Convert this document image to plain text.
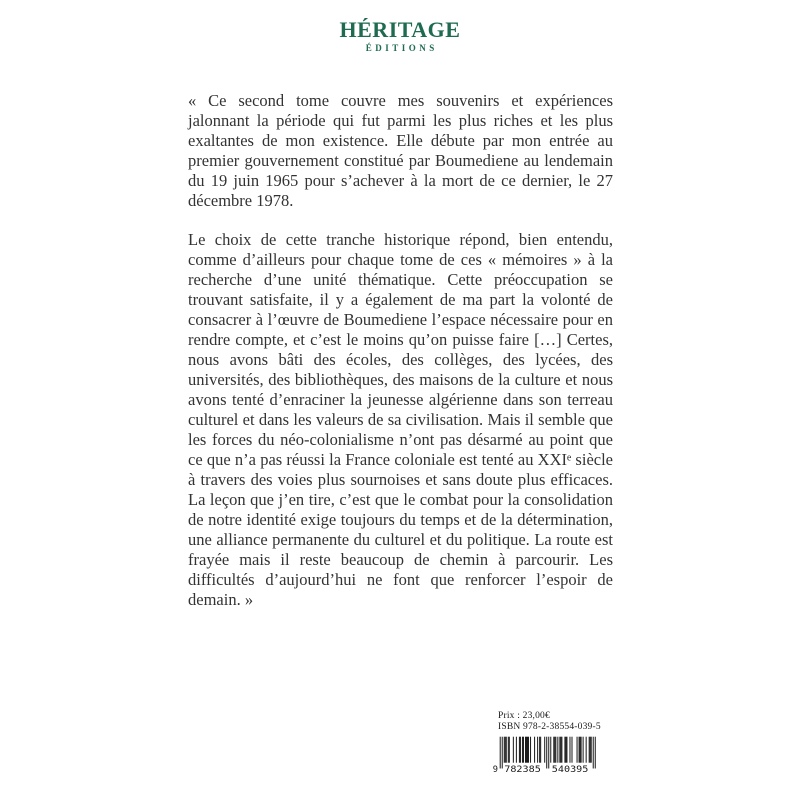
HÉRITAGE
ÉDITIONS

« Ce second tome couvre mes souvenirs et expériences jalonnant la période qui fut parmi les plus riches et les plus exaltantes de mon existence. Elle débute par mon entrée au premier gouvernement constitué par Boumediene au lendemain du 19 juin 1965 pour s’achever à la mort de ce dernier, le 27 décembre 1978.

Le choix de cette tranche historique répond, bien entendu, comme d’ailleurs pour chaque tome de ces « mémoires » à la recherche d’une unité thématique. Cette préoccupation se trouvant satisfaite, il y a également de ma part la volonté de consacrer à l’œuvre de Boumediene l’espace nécessaire pour en rendre compte, et c’est le moins qu’on puisse faire […] Certes, nous avons bâti des écoles, des collèges, des lycées, des universités, des bibliothèques, des maisons de la culture et nous avons tenté d’enraciner la jeunesse algérienne dans son terreau culturel et dans les valeurs de sa civilisation. Mais il semble que les forces du néo-colonialisme n’ont pas désarmé au point que ce que n’a pas réussi la France coloniale est tenté au XXIᵉ siècle à travers des voies plus sournoises et sans doute plus efficaces. La leçon que j’en tire, c’est que le combat pour la consolidation de notre identité exige toujours du temps et de la détermination, une alliance permanente du culturel et du politique. La route est frayée mais il reste beaucoup de chemin à parcourir. Les difficultés d’aujourd’hui ne font que renforcer l’espoir de demain. »

Prix : 23,00€
ISBN 978-2-38554-039-5
9 782385 540395
